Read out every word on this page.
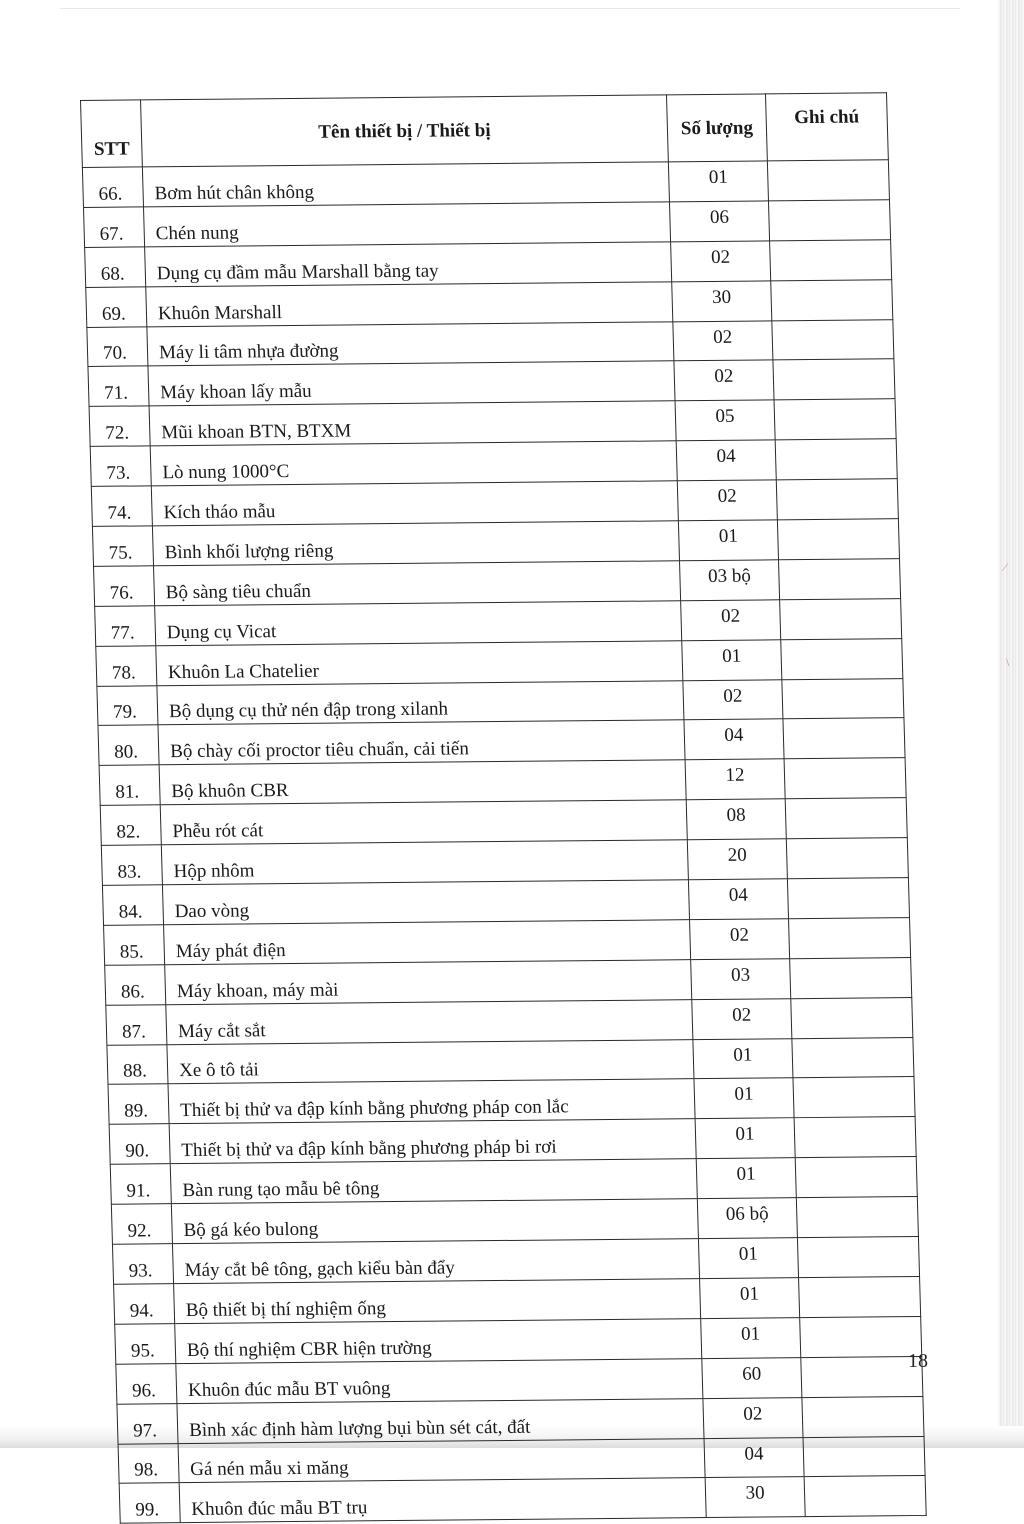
⁄
\
STT	Tên thiết bị / Thiết bị	Số lượng	Ghi chú
66.	Bơm hút chân không	01	
67.	Chén nung	06	
68.	Dụng cụ đầm mẫu Marshall bằng tay	02	
69.	Khuôn Marshall	30	
70.	Máy li tâm nhựa đường	02	
71.	Máy khoan lấy mẫu	02	
72.	Mũi khoan BTN, BTXM	05	
73.	Lò nung 1000°C	04	
74.	Kích tháo mẫu	02	
75.	Bình khối lượng riêng	01	
76.	Bộ sàng tiêu chuẩn	03 bộ	
77.	Dụng cụ Vicat	02	
78.	Khuôn La Chatelier	01	
79.	Bộ dụng cụ thử nén đập trong xilanh	02	
80.	Bộ chày cối proctor tiêu chuẩn, cải tiến	04	
81.	Bộ khuôn CBR	12	
82.	Phễu rót cát	08	
83.	Hộp nhôm	20	
84.	Dao vòng	04	
85.	Máy phát điện	02	
86.	Máy khoan, máy mài	03	
87.	Máy cắt sắt	02	
88.	Xe ô tô tải	01	
89.	Thiết bị thử va đập kính bằng phương pháp con lắc	01	
90.	Thiết bị thử va đập kính bằng phương pháp bi rơi	01	
91.	Bàn rung tạo mẫu bê tông	01	
92.	Bộ gá kéo bulong	06 bộ	
93.	Máy cắt bê tông, gạch kiểu bàn đẩy	01	
94.	Bộ thiết bị thí nghiệm ống	01	
95.	Bộ thí nghiệm CBR hiện trường	01	
96.	Khuôn đúc mẫu BT vuông	60	
97.	Bình xác định hàm lượng bụi bùn sét cát, đất	02	
98.	Gá nén mẫu xi măng	04	
99.	Khuôn đúc mẫu BT trụ	30	
18
